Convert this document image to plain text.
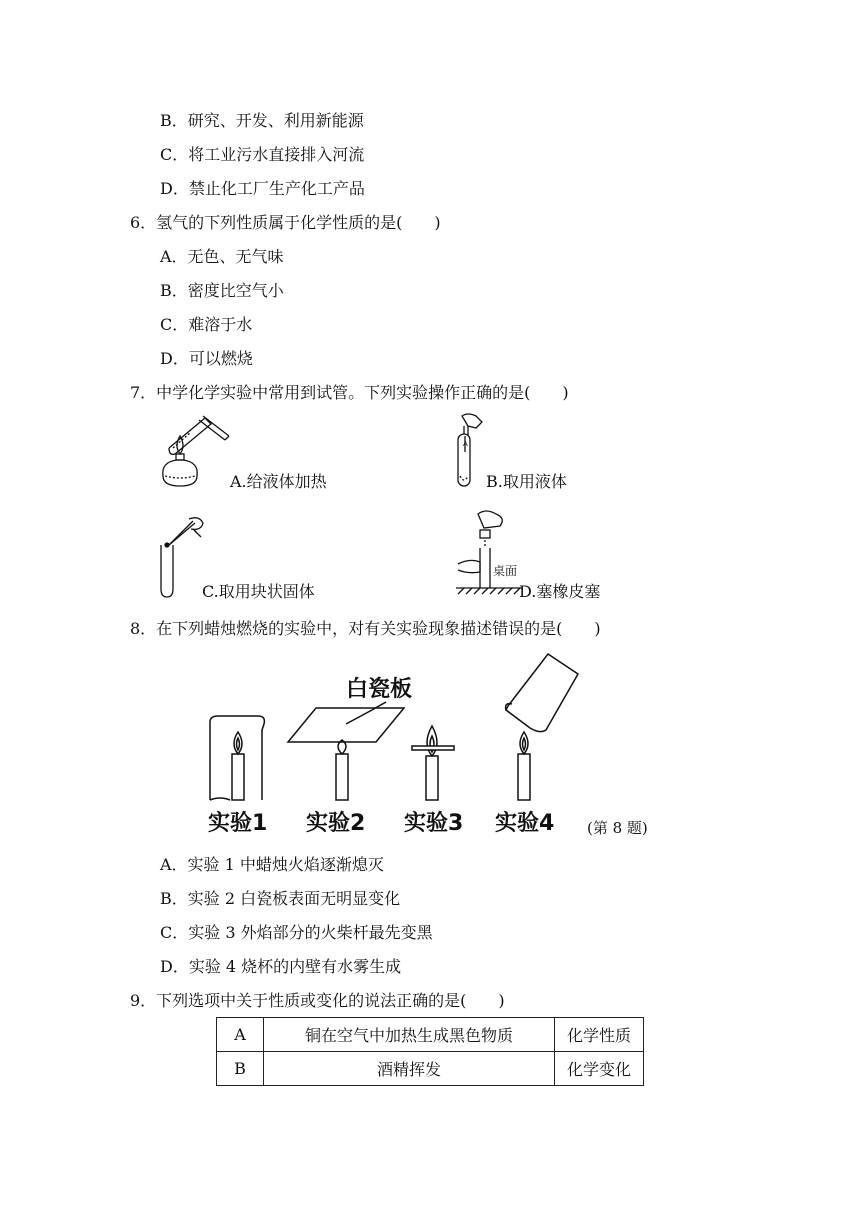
B．研究、开发、利用新能源
C．将工业污水直接排入河流
D．禁止化工厂生产化工产品
6．氢气的下列性质属于化学性质的是(　　)
A．无色、无气味
B．密度比空气小
C．难溶于水
D．可以燃烧
7．中学化学实验中常用到试管。下列实验操作正确的是(　　)
A.给液体加热
A
B.取用液体
C.取用块状固体
桌面
D.塞橡皮塞
8．在下列蜡烛燃烧的实验中，对有关实验现象描述错误的是(　　)
白瓷板
实验1 实验2 实验3 实验4 (第 8 题)
A．实验 1 中蜡烛火焰逐渐熄灭
B．实验 2 白瓷板表面无明显变化
C．实验 3 外焰部分的火柴杆最先变黑
D．实验 4 烧杯的内壁有水雾生成
9．下列选项中关于性质或变化的说法正确的是(　　)
A	铜在空气中加热生成黑色物质	化学性质
B	酒精挥发	化学变化
